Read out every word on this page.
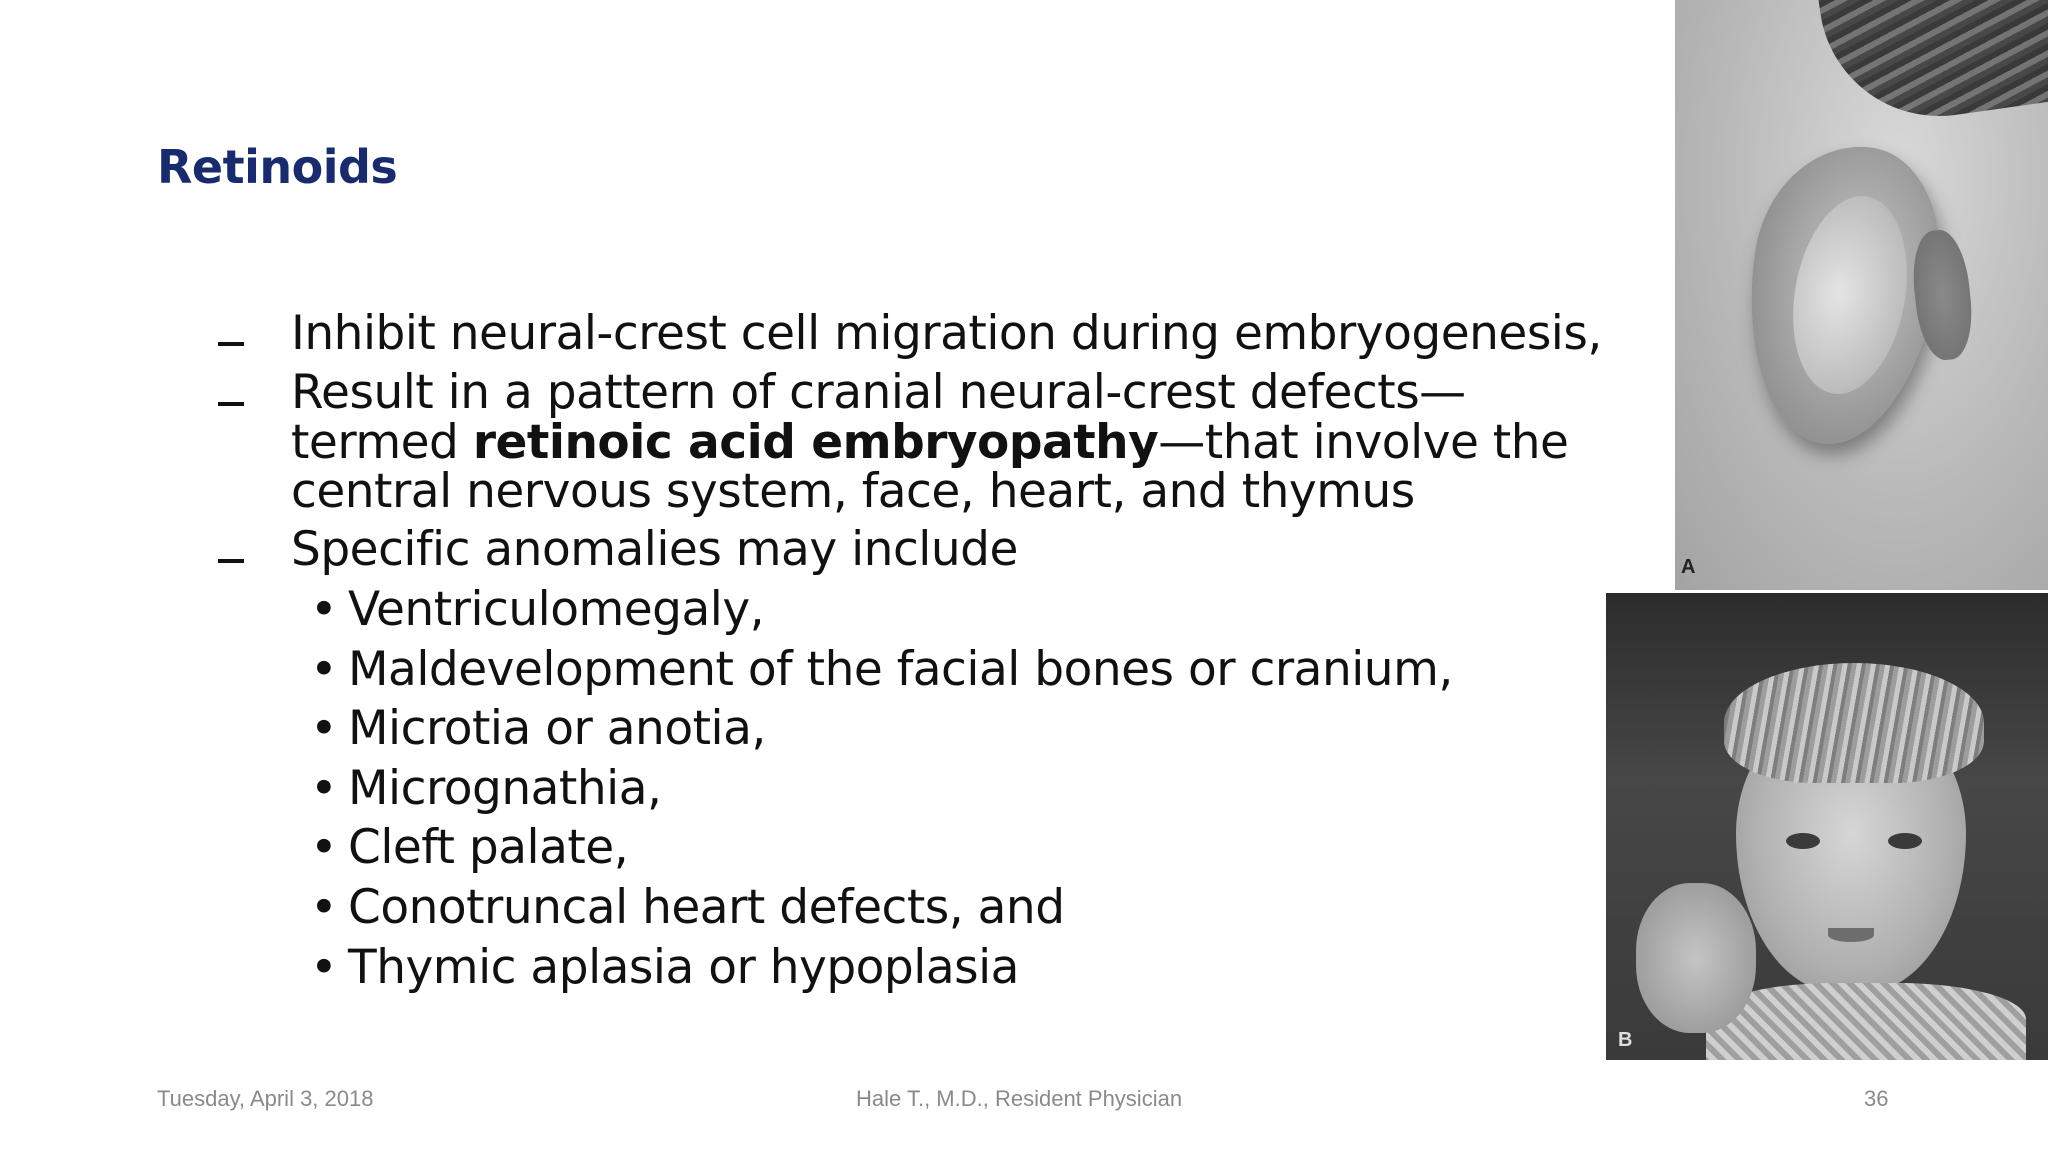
Retinoids
Inhibit neural-crest cell migration during embryogenesis,
Result in a pattern of cranial neural-crest defects—
termed retinoic acid embryopathy—that involve the
central nervous system, face, heart, and thymus
Specific anomalies may include
• Ventriculomegaly,
• Maldevelopment of the facial bones or cranium,
• Microtia or anotia,
• Micrognathia,
• Cleft palate,
• Conotruncal heart defects, and
• Thymic aplasia or hypoplasia
A
B
Tuesday, April 3, 2018	Hale T., M.D., Resident Physician	36
